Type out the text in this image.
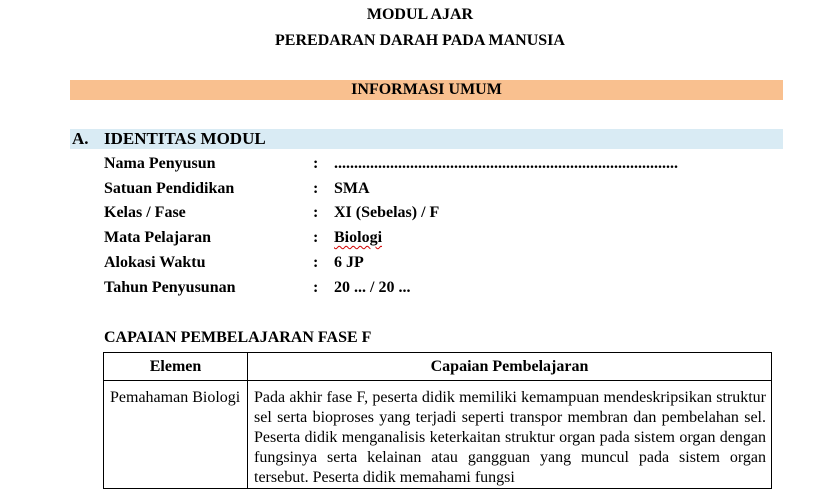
MODUL AJAR
PEREDARAN DARAH PADA MANUSIA
INFORMASI UMUM
A. IDENTITAS MODUL
Nama Penyusun	: ......................................................................................
Satuan Pendidikan	: SMA
Kelas / Fase	: XI (Sebelas) / F
Mata Pelajaran	: Biologi
Alokasi Waktu	: 6 JP
Tahun Penyusunan	: 20 ... / 20 ...
CAPAIAN PEMBELAJARAN FASE F
Elemen	Capaian Pembelajaran
Pemahaman Biologi	Pada akhir fase F, peserta didik memiliki kemampuan mendeskripsikan struktur sel serta bioproses yang terjadi seperti transpor membran dan pembelahan sel. Peserta didik menganalisis keterkaitan struktur organ pada sistem organ dengan fungsinya serta kelainan atau gangguan yang muncul pada sistem organ tersebut. Peserta didik memahami fungsi
